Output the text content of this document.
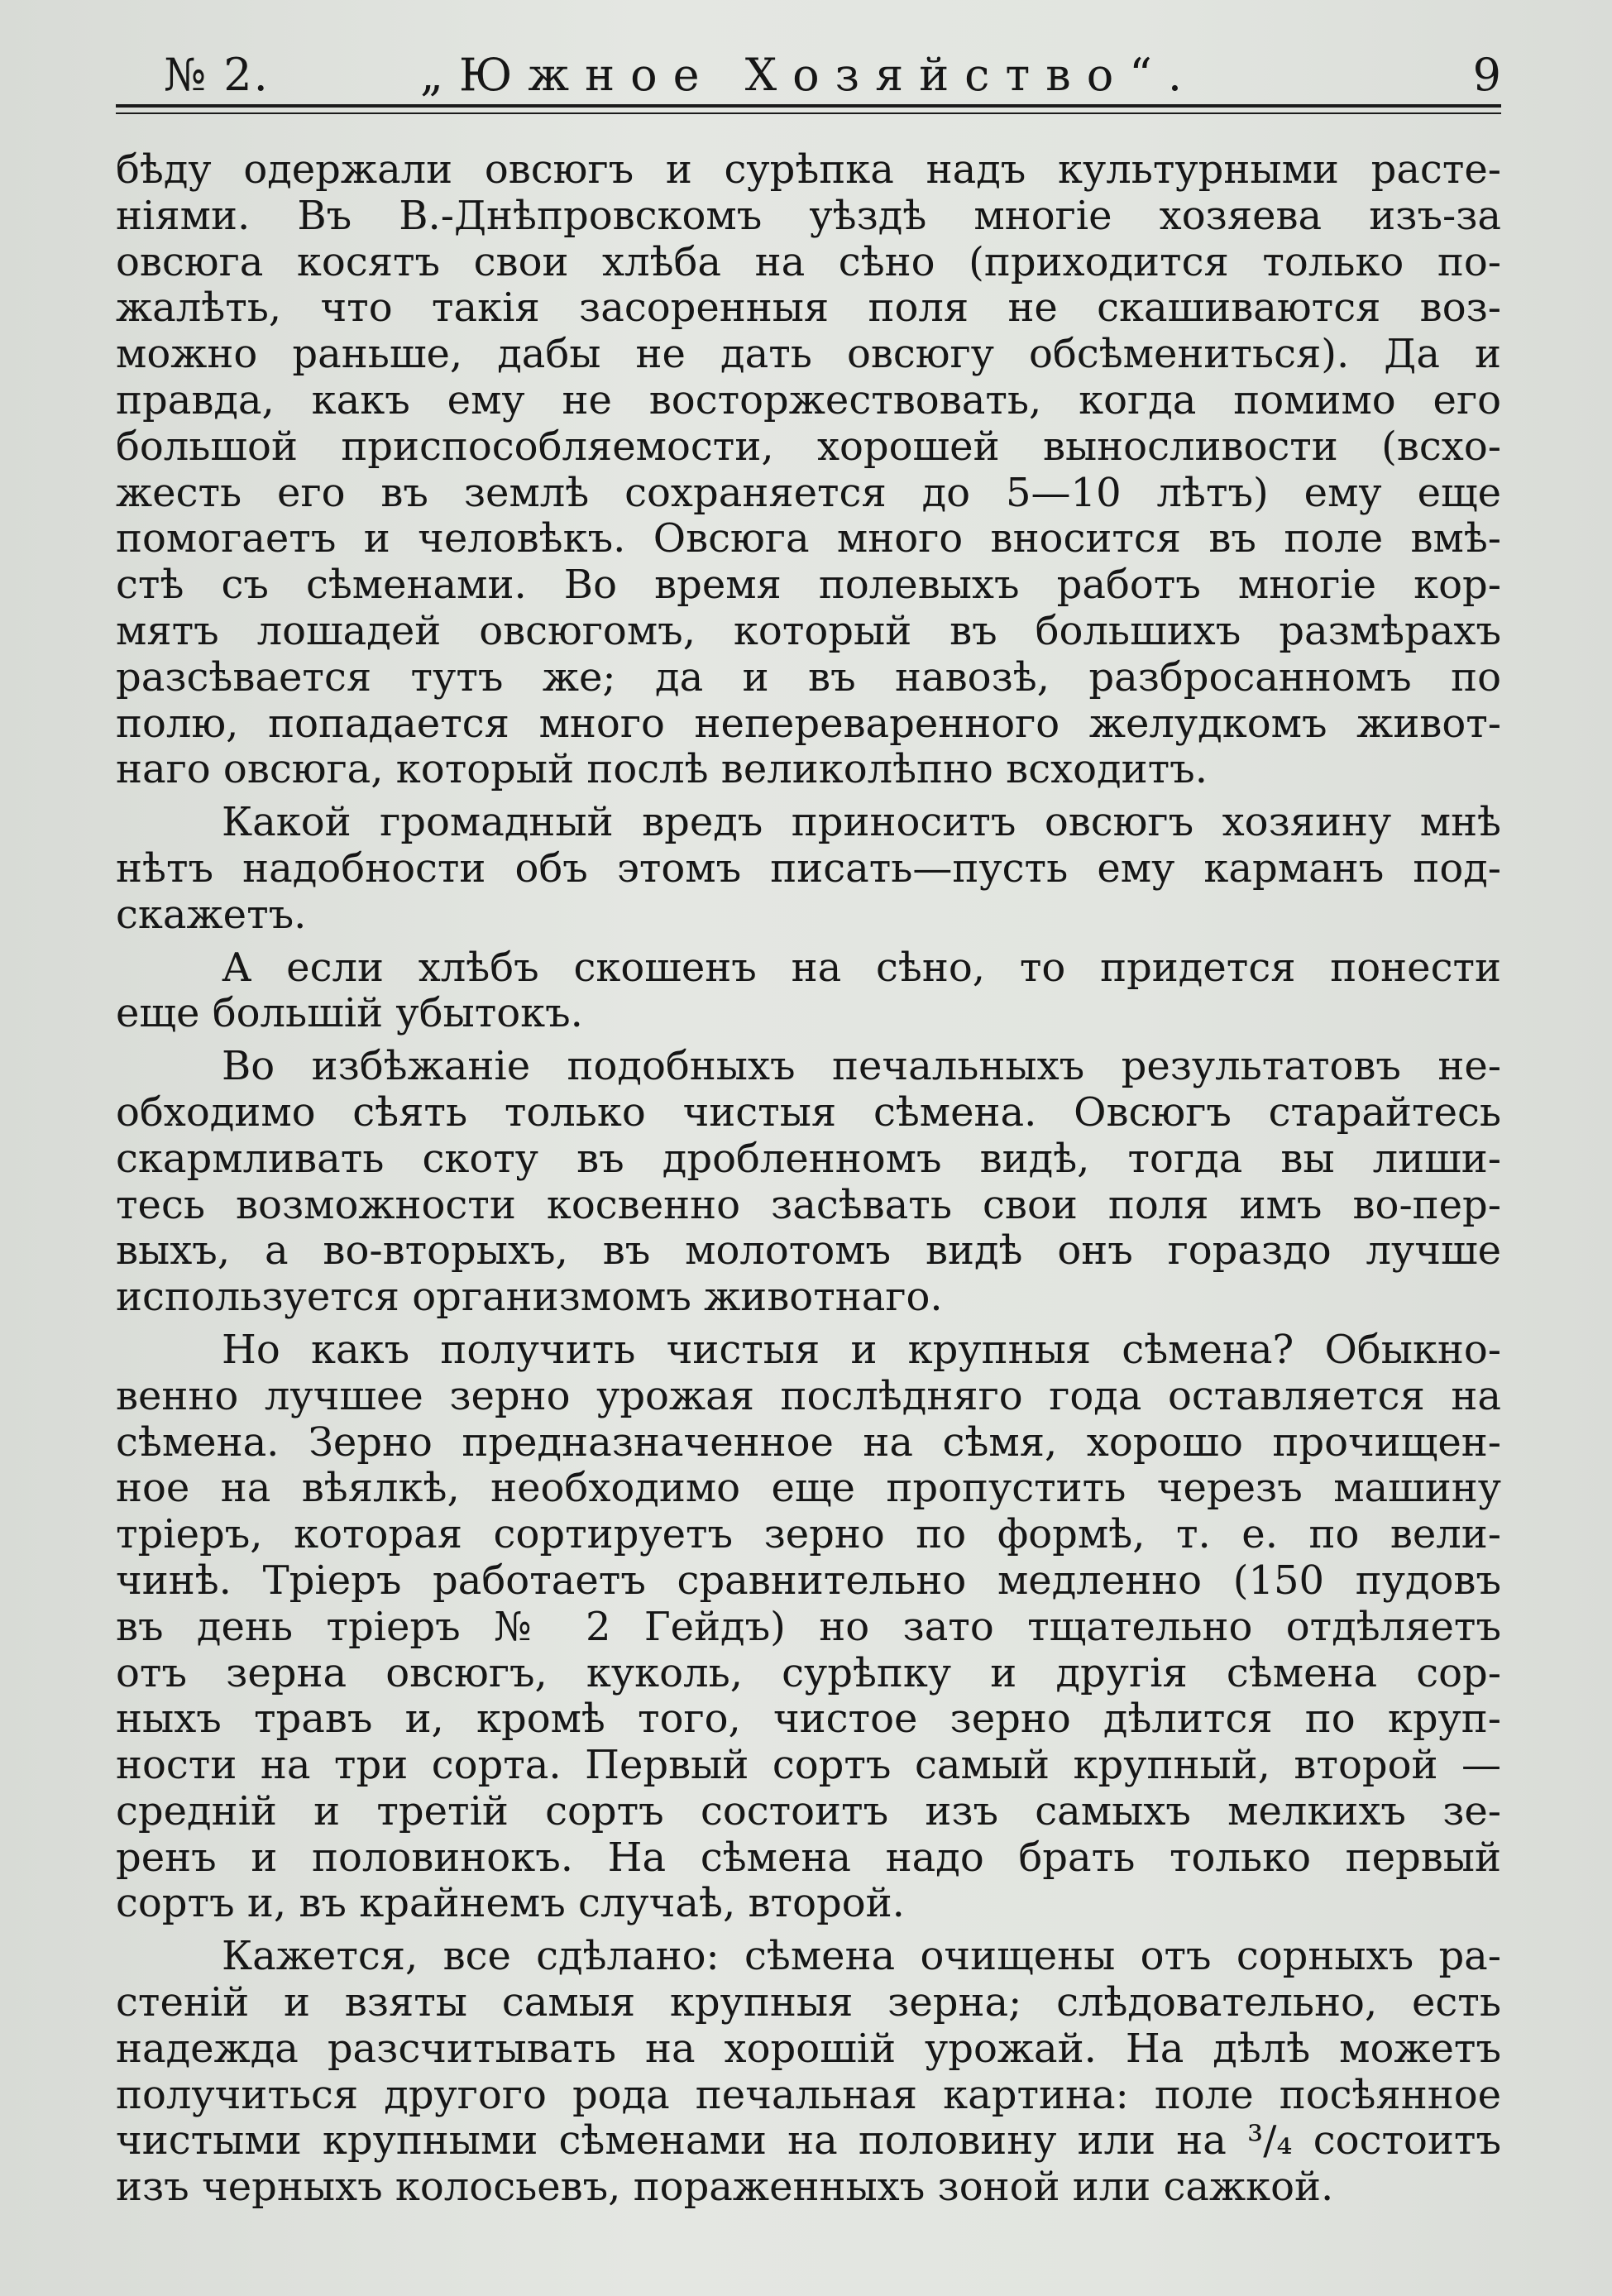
№ 2.	„Южное Хозяйство“.	9

бѣду одержали овсюгъ и сурѣпка надъ культурными расте-
ніями. Въ В.-Днѣпровскомъ уѣздѣ многіе хозяева изъ-за
овсюга косятъ свои хлѣба на сѣно (приходится только по-
жалѣть, что такія засоренныя поля не скашиваются воз-
можно раньше, дабы не дать овсюгу обсѣмениться). Да и
правда, какъ ему не восторжествовать, когда помимо его
большой приспособляемости, хорошей выносливости (всхо-
жесть его въ землѣ сохраняется до 5—10 лѣтъ) ему еще
помогаетъ и человѣкъ. Овсюга много вносится въ поле вмѣ-
стѣ съ сѣменами. Во время полевыхъ работъ многіе кор-
мятъ лошадей овсюгомъ, который въ большихъ размѣрахъ
разсѣвается тутъ же; да и въ навозѣ, разбросанномъ по
полю, попадается много непереваренного желудкомъ живот-
наго овсюга, который послѣ великолѣпно всходитъ.

Какой громадный вредъ приноситъ овсюгъ хозяину мнѣ
нѣтъ надобности объ этомъ писать—пусть ему карманъ под-
скажетъ.

А если хлѣбъ скошенъ на сѣно, то придется понести
еще большій убытокъ.

Во избѣжаніе подобныхъ печальныхъ результатовъ не-
обходимо сѣять только чистыя сѣмена. Овсюгъ старайтесь
скармливать скоту въ дробленномъ видѣ, тогда вы лиши-
тесь возможности косвенно засѣвать свои поля имъ во-пер-
выхъ, а во-вторыхъ, въ молотомъ видѣ онъ гораздо лучше
используется организмомъ животнаго.

Но какъ получить чистыя и крупныя сѣмена? Обыкно-
венно лучшее зерно урожая послѣдняго года оставляется на
сѣмена. Зерно предназначенное на сѣмя, хорошо прочищен-
ное на вѣялкѣ, необходимо еще пропустить черезъ машину
тріеръ, которая сортируетъ зерно по формѣ, т. е. по вели-
чинѣ. Тріеръ работаетъ сравнительно медленно (150 пудовъ
въ день тріеръ № 2 Гейдъ) но зато тщательно отдѣляетъ
отъ зерна овсюгъ, куколь, сурѣпку и другія сѣмена сор-
ныхъ травъ и, кромѣ того, чистое зерно дѣлится по круп-
ности на три сорта. Первый сортъ самый крупный, второй —
средній и третій сортъ состоитъ изъ самыхъ мелкихъ зе-
ренъ и половинокъ. На сѣмена надо брать только первый
сортъ и, въ крайнемъ случаѣ, второй.

Кажется, все сдѣлано: сѣмена очищены отъ сорныхъ ра-
стеній и взяты самыя крупныя зерна; слѣдовательно, есть
надежда разсчитывать на хорошій урожай. На дѣлѣ можетъ
получиться другого рода печальная картина: поле посѣянное
чистыми крупными сѣменами на половину или на ³/₄ состоитъ
изъ черныхъ колосьевъ, пораженныхъ зоной или сажкой.
